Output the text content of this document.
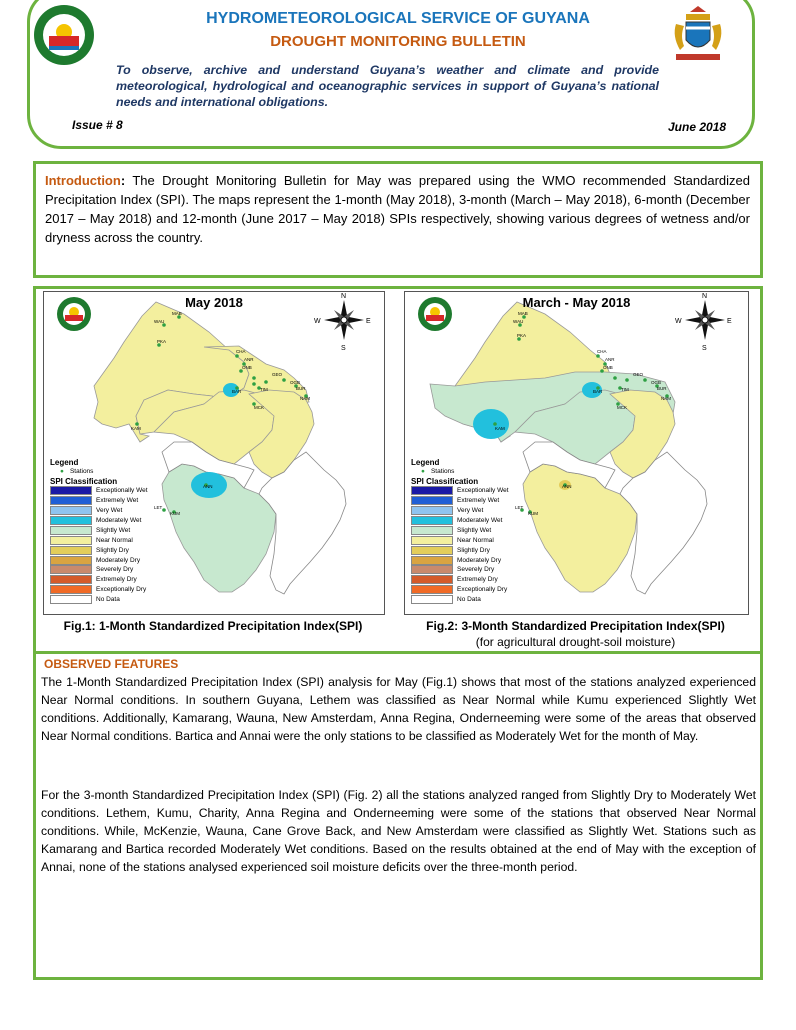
HYDROMETEOROLOGICAL SERVICE OF GUYANA
DROUGHT MONITORING BULLETIN
To observe, archive and understand Guyana’s weather and climate and provide meteorological, hydrological and oceanographic services in support of Guyana’s national needs and international obligations.
Issue # 8	June 2018
Introduction: The Drought Monitoring Bulletin for May was prepared using the WMO recommended Standardized Precipitation Index (SPI). The maps represent the 1-month (May 2018), 3-month (March – May 2018), 6-month (December 2017 – May 2018) and 12-month (June 2017 – May 2018) SPIs respectively, showing various degrees of wetness and/or dryness across the country.
MAB
WAU
PKA
CHA
ANR
ONB
GEO
OGB
TIM	BUR
BAR
NAM
MCK
KAM
ANN
LET
KUM
N
S
E
W
May 2018
Legend
● Stations
SPI Classification
Exceptionally Wet
Extremely Wet
Very Wet
Moderately Wet
Slightly Wet
Near Normal
Slightly Dry
Moderately Dry
Severely Dry
Extremely Dry
Exceptionally Dry
No Data
MAB
WAU
PKA
CHA
ANR
ONB
GEO
OGB
TIM	BUR
BAR
NAM
MCK
KAM
ANN
LET
KUM
N
S
E
W
March - May 2018
Legend
● Stations
SPI Classification
Exceptionally Wet
Extremely Wet
Very Wet
Moderately Wet
Slightly Wet
Near Normal
Slightly Dry
Moderately Dry
Severely Dry
Extremely Dry
Exceptionally Dry
No Data
Fig.1: 1-Month Standardized Precipitation Index(SPI)	Fig.2: 3-Month Standardized Precipitation Index(SPI)
(for agricultural drought-soil moisture)
OBSERVED FEATURES
The 1-Month Standardized Precipitation Index (SPI) analysis for May (Fig.1) shows that most of the stations analyzed experienced Near Normal conditions. In southern Guyana, Lethem was classified as Near Normal while Kumu experienced Slightly Wet conditions. Additionally, Kamarang, Wauna, New Amsterdam, Anna Regina, Onderneeming were some of the areas that observed Near Normal conditions. Bartica and Annai were the only stations to be classified as Moderately Wet for the month of May.
For the 3-month Standardized Precipitation Index (SPI) (Fig. 2) all the stations analyzed ranged from Slightly Dry to Moderately Wet conditions. Lethem, Kumu, Charity, Anna Regina and Onderneeming were some of the stations that observed Near Normal conditions. While, McKenzie, Wauna, Cane Grove Back, and New Amsterdam were classified as Slightly Wet. Stations such as Kamarang and Bartica recorded Moderately Wet conditions. Based on the results obtained at the end of May with the exception of Annai, none of the stations analysed experienced soil moisture deficits over the three-month period.
